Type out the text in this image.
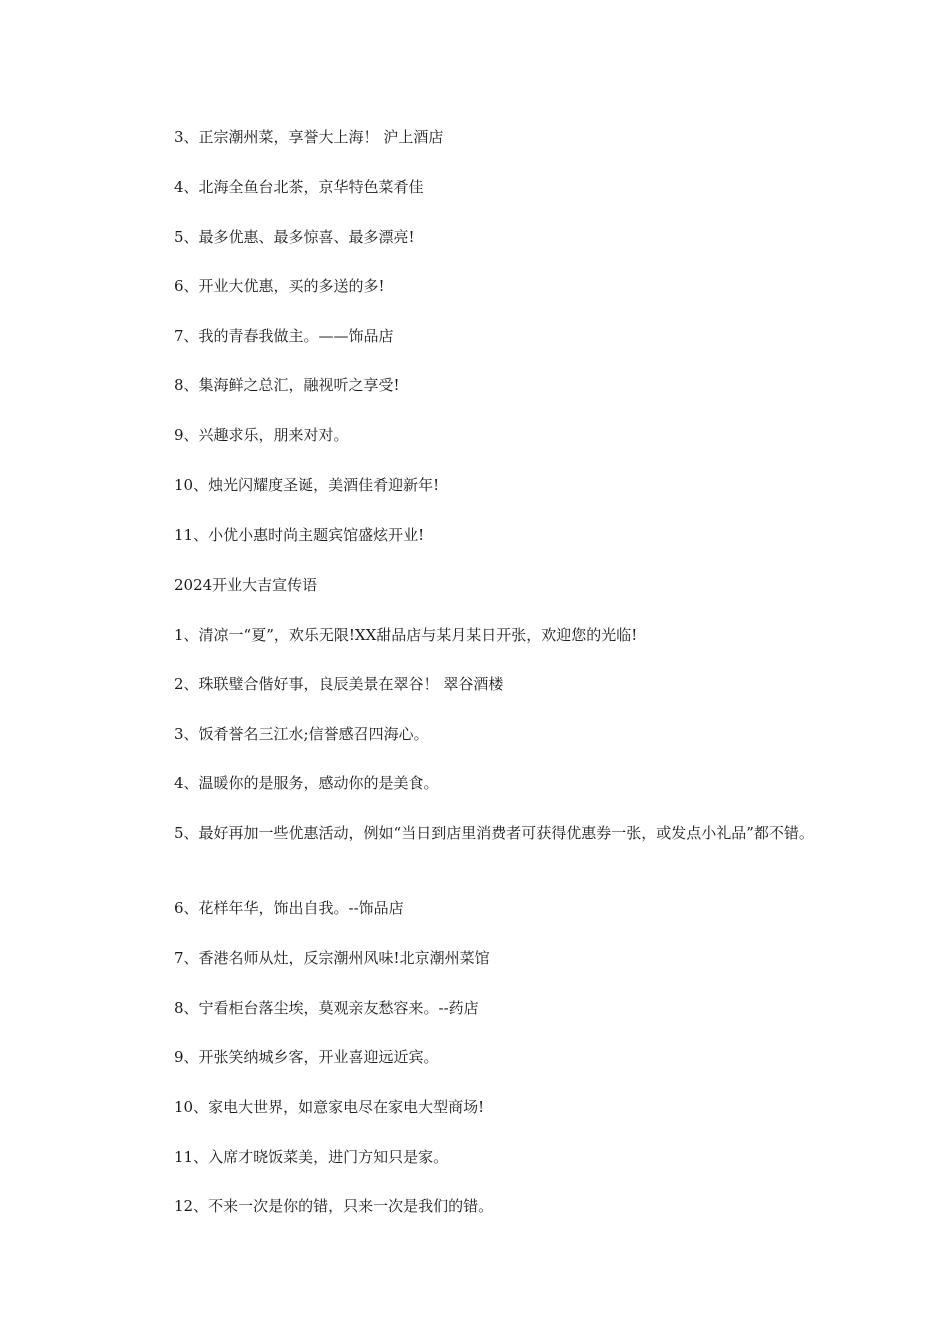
3、正宗潮州菜，享誉大上海！ 沪上酒店
4、北海全鱼台北茶，京华特色菜肴佳
5、最多优惠、最多惊喜、最多漂亮!
6、开业大优惠，买的多送的多!
7、我的青春我做主。——饰品店
8、集海鲜之总汇，融视听之享受!
9、兴趣求乐，朋来对对。
10、烛光闪耀度圣诞，美酒佳肴迎新年!
11、小优小惠时尚主题宾馆盛炫开业!
2024开业大吉宣传语
1、清凉一“夏”，欢乐无限!XX甜品店与某月某日开张，欢迎您的光临!
2、珠联璧合偕好事，良辰美景在翠谷！ 翠谷酒楼
3、饭肴誉名三江水;信誉感召四海心。
4、温暖你的是服务，感动你的是美食。
5、最好再加一些优惠活动，例如“当日到店里消费者可获得优惠券一张，或发点小礼品”都不错。
6、花样年华，饰出自我。--饰品店
7、香港名师从灶，反宗潮州风味!北京潮州菜馆
8、宁看柜台落尘埃，莫观亲友愁容来。--药店
9、开张笑纳城乡客，开业喜迎远近宾。
10、家电大世界，如意家电尽在家电大型商场!
11、入席才晓饭菜美，进门方知只是家。
12、不来一次是你的错，只来一次是我们的错。
